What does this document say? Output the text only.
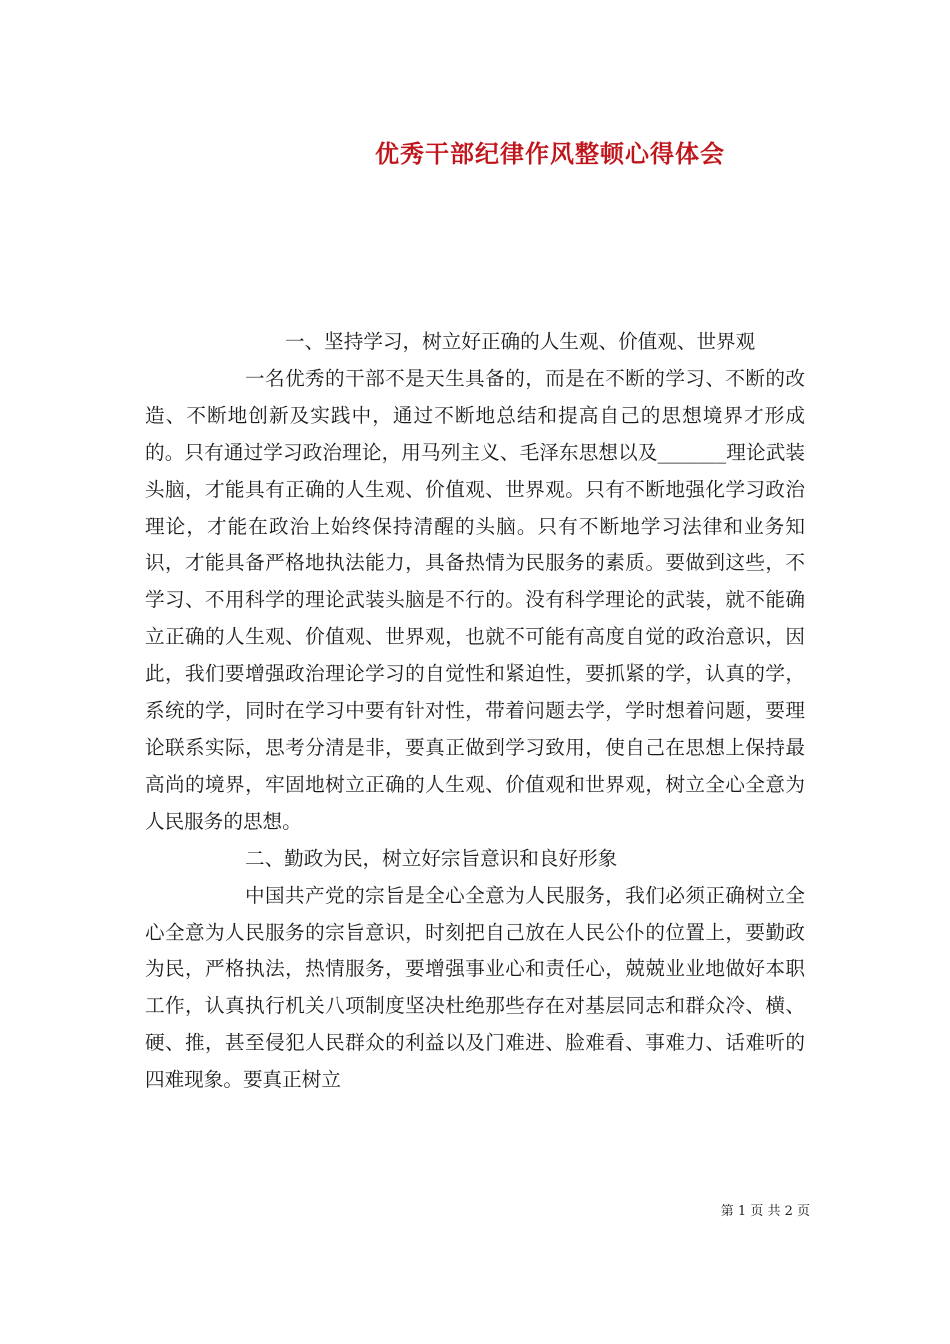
优秀干部纪律作风整顿心得体会

一、坚持学习，树立好正确的人生观、价值观、世界观

一名优秀的干部不是天生具备的，而是在不断的学习、不断的改造、不断地创新及实践中，通过不断地总结和提高自己的思想境界才形成的。只有通过学习政治理论，用马列主义、毛泽东思想以及_______理论武装头脑，才能具有正确的人生观、价值观、世界观。只有不断地强化学习政治理论，才能在政治上始终保持清醒的头脑。只有不断地学习法律和业务知识，才能具备严格地执法能力，具备热情为民服务的素质。要做到这些，不学习、不用科学的理论武装头脑是不行的。没有科学理论的武装，就不能确立正确的人生观、价值观、世界观，也就不可能有高度自觉的政治意识，因此，我们要增强政治理论学习的自觉性和紧迫性，要抓紧的学，认真的学，系统的学，同时在学习中要有针对性，带着问题去学，学时想着问题，要理论联系实际，思考分清是非，要真正做到学习致用，使自己在思想上保持最高尚的境界，牢固地树立正确的人生观、价值观和世界观，树立全心全意为人民服务的思想。

二、勤政为民，树立好宗旨意识和良好形象

中国共产党的宗旨是全心全意为人民服务，我们必须正确树立全心全意为人民服务的宗旨意识，时刻把自己放在人民公仆的位置上，要勤政为民，严格执法，热情服务，要增强事业心和责任心，兢兢业业地做好本职工作，认真执行机关八项制度坚决杜绝那些存在对基层同志和群众冷、横、硬、推，甚至侵犯人民群众的利益以及门难进、脸难看、事难力、话难听的四难现象。要真正树立

第 1 页 共 2 页
